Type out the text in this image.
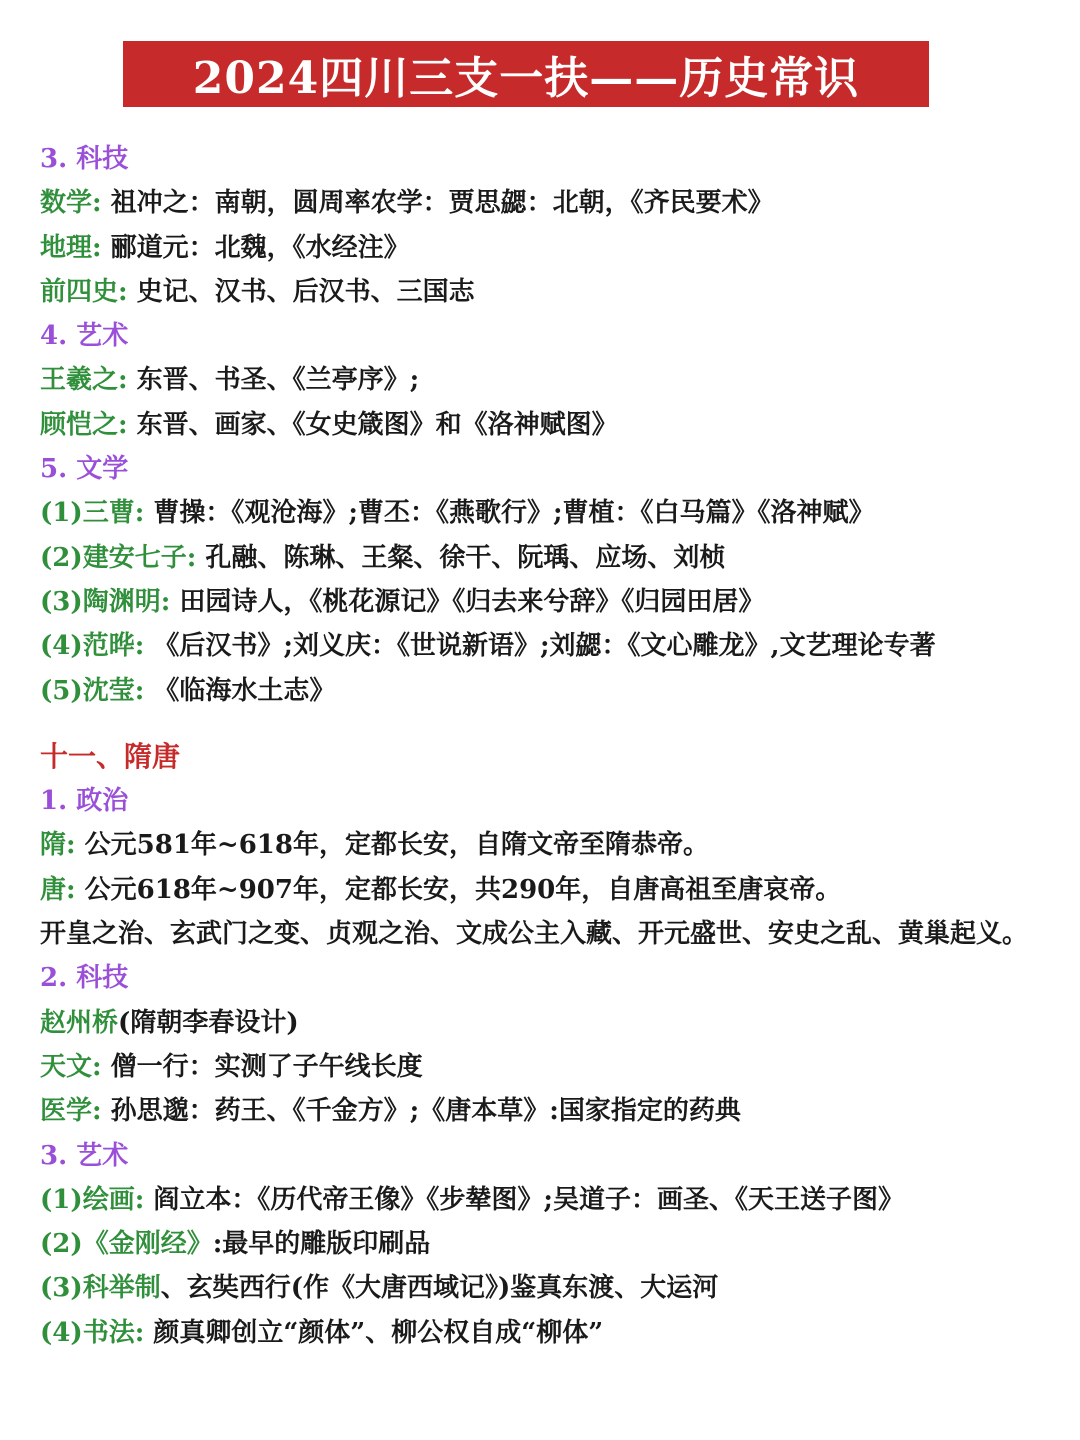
2024四川三支一扶——历史常识
3. 科技
数学: 祖冲之：南朝，圆周率农学：贾思勰：北朝，《齐民要术》
地理: 郦道元：北魏，《水经注》
前四史: 史记、汉书、后汉书、三国志
4. 艺术
王羲之: 东晋、书圣、《兰亭序》;
顾恺之: 东晋、画家、《女史箴图》和《洛神赋图》
5. 文学
(1)三曹: 曹操：《观沧海》;曹丕：《燕歌行》;曹植：《白马篇》《洛神赋》
(2)建安七子: 孔融、陈琳、王粲、徐干、阮瑀、应场、刘桢
(3)陶渊明: 田园诗人，《桃花源记》《归去来兮辞》《归园田居》
(4)范晔: 《后汉书》;刘义庆：《世说新语》;刘勰：《文心雕龙》,文艺理论专著
(5)沈莹: 《临海水土志》
十一、隋唐
1. 政治
隋: 公元581年~618年，定都长安，自隋文帝至隋恭帝。
唐: 公元618年~907年，定都长安，共290年，自唐高祖至唐哀帝。
开皇之治、玄武门之变、贞观之治、文成公主入藏、开元盛世、安史之乱、黄巢起义。
2. 科技
赵州桥(隋朝李春设计)
天文: 僧一行：实测了子午线长度
医学: 孙思邈：药王、《千金方》;《唐本草》:国家指定的药典
3. 艺术
(1)绘画: 阎立本：《历代帝王像》《步辇图》;吴道子：画圣、《天王送子图》
(2)《金刚经》:最早的雕版印刷品
(3)科举制、玄奘西行(作《大唐西域记》)鉴真东渡、大运河
(4)书法: 颜真卿创立“颜体”、柳公权自成“柳体”
